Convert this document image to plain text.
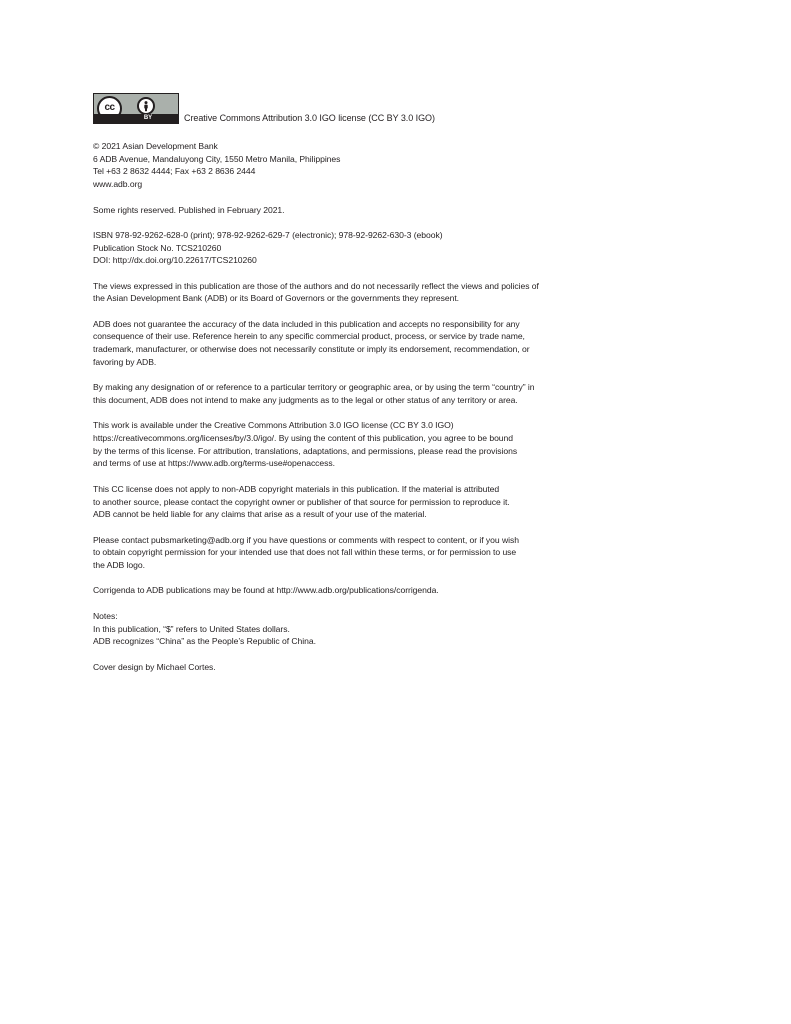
cc
BY	Creative Commons Attribution 3.0 IGO license (CC BY 3.0 IGO)
© 2021 Asian Development Bank
6 ADB Avenue, Mandaluyong City, 1550 Metro Manila, Philippines
Tel +63 2 8632 4444; Fax +63 2 8636 2444
www.adb.org
Some rights reserved. Published in February 2021.
ISBN 978-92-9262-628-0 (print); 978-92-9262-629-7 (electronic); 978-92-9262-630-3 (ebook)
Publication Stock No. TCS210260
DOI: http://dx.doi.org/10.22617/TCS210260
The views expressed in this publication are those of the authors and do not necessarily reflect the views and policies of
the Asian Development Bank (ADB) or its Board of Governors or the governments they represent.
ADB does not guarantee the accuracy of the data included in this publication and accepts no responsibility for any
consequence of their use. Reference herein to any specific commercial product, process, or service by trade name,
trademark, manufacturer, or otherwise does not necessarily constitute or imply its endorsement, recommendation, or
favoring by ADB.
By making any designation of or reference to a particular territory or geographic area, or by using the term “country” in
this document, ADB does not intend to make any judgments as to the legal or other status of any territory or area.
This work is available under the Creative Commons Attribution 3.0 IGO license (CC BY 3.0 IGO)
https://creativecommons.org/licenses/by/3.0/igo/. By using the content of this publication, you agree to be bound
by the terms of this license. For attribution, translations, adaptations, and permissions, please read the provisions
and terms of use at https://www.adb.org/terms-use#openaccess.
This CC license does not apply to non-ADB copyright materials in this publication. If the material is attributed
to another source, please contact the copyright owner or publisher of that source for permission to reproduce it.
ADB cannot be held liable for any claims that arise as a result of your use of the material.
Please contact pubsmarketing@adb.org if you have questions or comments with respect to content, or if you wish
to obtain copyright permission for your intended use that does not fall within these terms, or for permission to use
the ADB logo.
Corrigenda to ADB publications may be found at http://www.adb.org/publications/corrigenda.
Notes:
In this publication, “$” refers to United States dollars.
ADB recognizes “China” as the People’s Republic of China.
Cover design by Michael Cortes.
